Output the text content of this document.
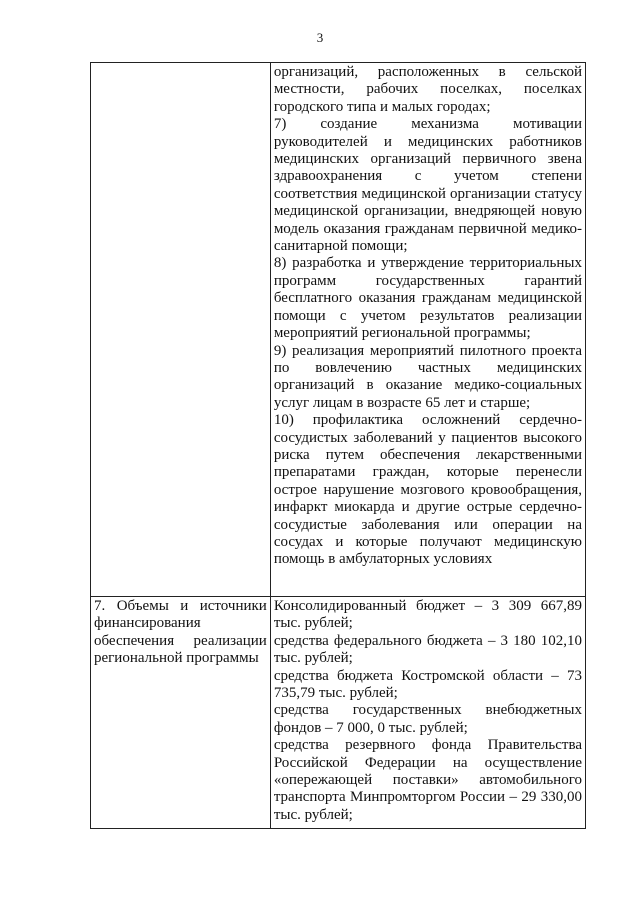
3

	организаций, расположенных в сельской местности, рабочих поселках, поселках городского типа и малых городах;

7) создание механизма мотивации руководителей и медицинских работников медицинских организаций первичного звена здравоохранения с учетом степени соответствия медицинской организации статусу медицинской организации, внедряющей новую модель оказания гражданам первичной медико-санитарной помощи;

8) разработка и утверждение территориальных программ государственных гарантий бесплатного оказания гражданам медицинской помощи с учетом результатов реализации мероприятий региональной программы;

9) реализация мероприятий пилотного проекта по вовлечению частных медицинских организаций в оказание медико-социальных услуг лицам в возрасте 65 лет и старше;

10) профилактика осложнений сердечно-сосудистых заболеваний у пациентов высокого риска путем обеспечения лекарственными препаратами граждан, которые перенесли острое нарушение мозгового кровообращения, инфаркт миокарда и другие острые сердечно-сосудистые заболевания или операции на сосудах и которые получают медицинскую помощь в амбулаторных условиях

7. Объемы и источники финансирования обеспечения реализации региональной программы	Консолидированный бюджет – 3 309 667,89 тыс. рублей;

средства федерального бюджета – 3 180 102,10 тыс. рублей;

средства бюджета Костромской области – 73 735,79 тыс. рублей;

средства государственных внебюджетных фондов – 7 000, 0 тыс. рублей;

средства резервного фонда Правительства Российской Федерации на осуществление «опережающей поставки» автомобильного транспорта Минпромторгом России – 29 330,00 тыс. рублей;
